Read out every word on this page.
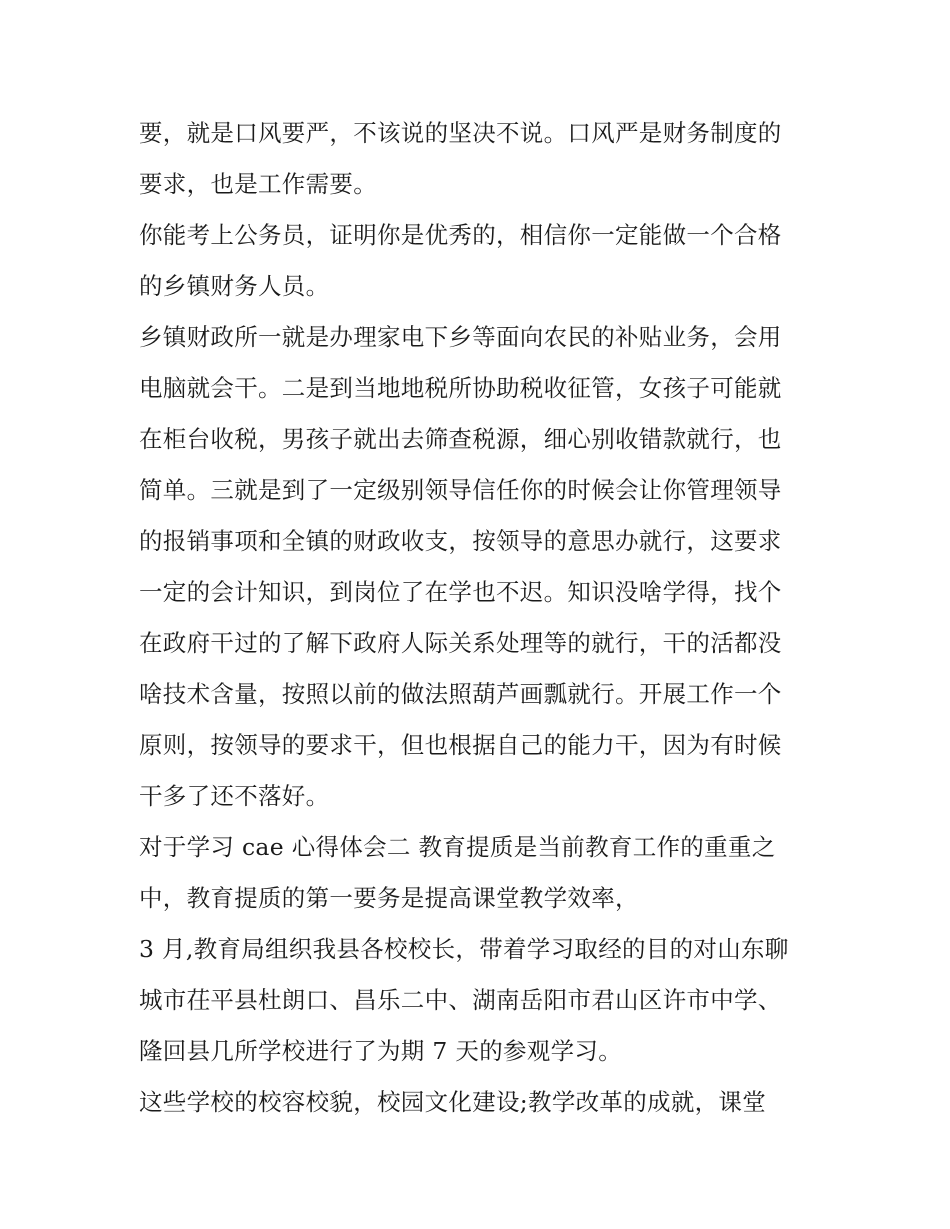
要，就是口风要严，不该说的坚决不说。口风严是财务制度的
要求，也是工作需要。
你能考上公务员，证明你是优秀的，相信你一定能做一个合格
的乡镇财务人员。
乡镇财政所一就是办理家电下乡等面向农民的补贴业务，会用
电脑就会干。二是到当地地税所协助税收征管，女孩子可能就
在柜台收税，男孩子就出去筛查税源，细心别收错款就行，也
简单。三就是到了一定级别领导信任你的时候会让你管理领导
的报销事项和全镇的财政收支，按领导的意思办就行，这要求
一定的会计知识，到岗位了在学也不迟。知识没啥学得，找个
在政府干过的了解下政府人际关系处理等的就行，干的活都没
啥技术含量，按照以前的做法照葫芦画瓢就行。开展工作一个
原则，按领导的要求干，但也根据自己的能力干，因为有时候
干多了还不落好。
对于学习 cae 心得体会二 教育提质是当前教育工作的重重之
中，教育提质的第一要务是提高课堂教学效率，
3 月,教育局组织我县各校校长，带着学习取经的目的对山东聊
城市茌平县杜朗口、昌乐二中、湖南岳阳市君山区许市中学、
隆回县几所学校进行了为期 7 天的参观学习。
这些学校的校容校貌，校园文化建设;教学改革的成就，课堂
